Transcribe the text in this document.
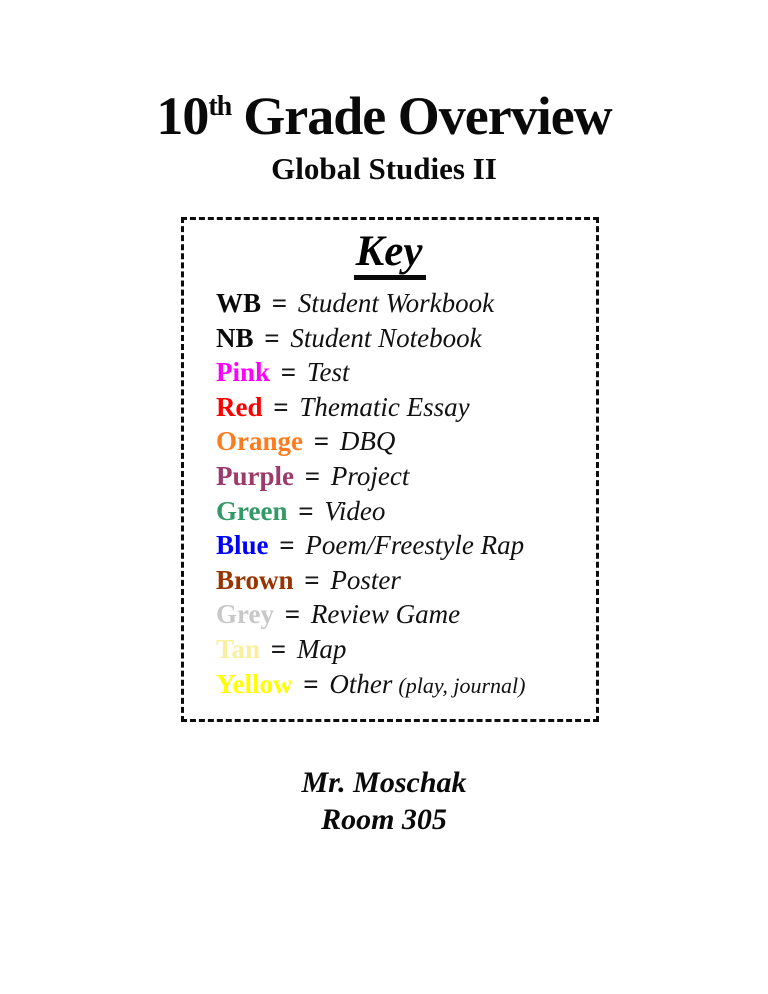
10th Grade Overview
Global Studies II
Key
WB = Student Workbook
NB = Student Notebook
Pink = Test
Red = Thematic Essay
Orange = DBQ
Purple = Project
Green = Video
Blue = Poem/Freestyle Rap
Brown = Poster
Grey = Review Game
Tan = Map
Yellow = Other (play, journal)
Mr. Moschak
Room 305
